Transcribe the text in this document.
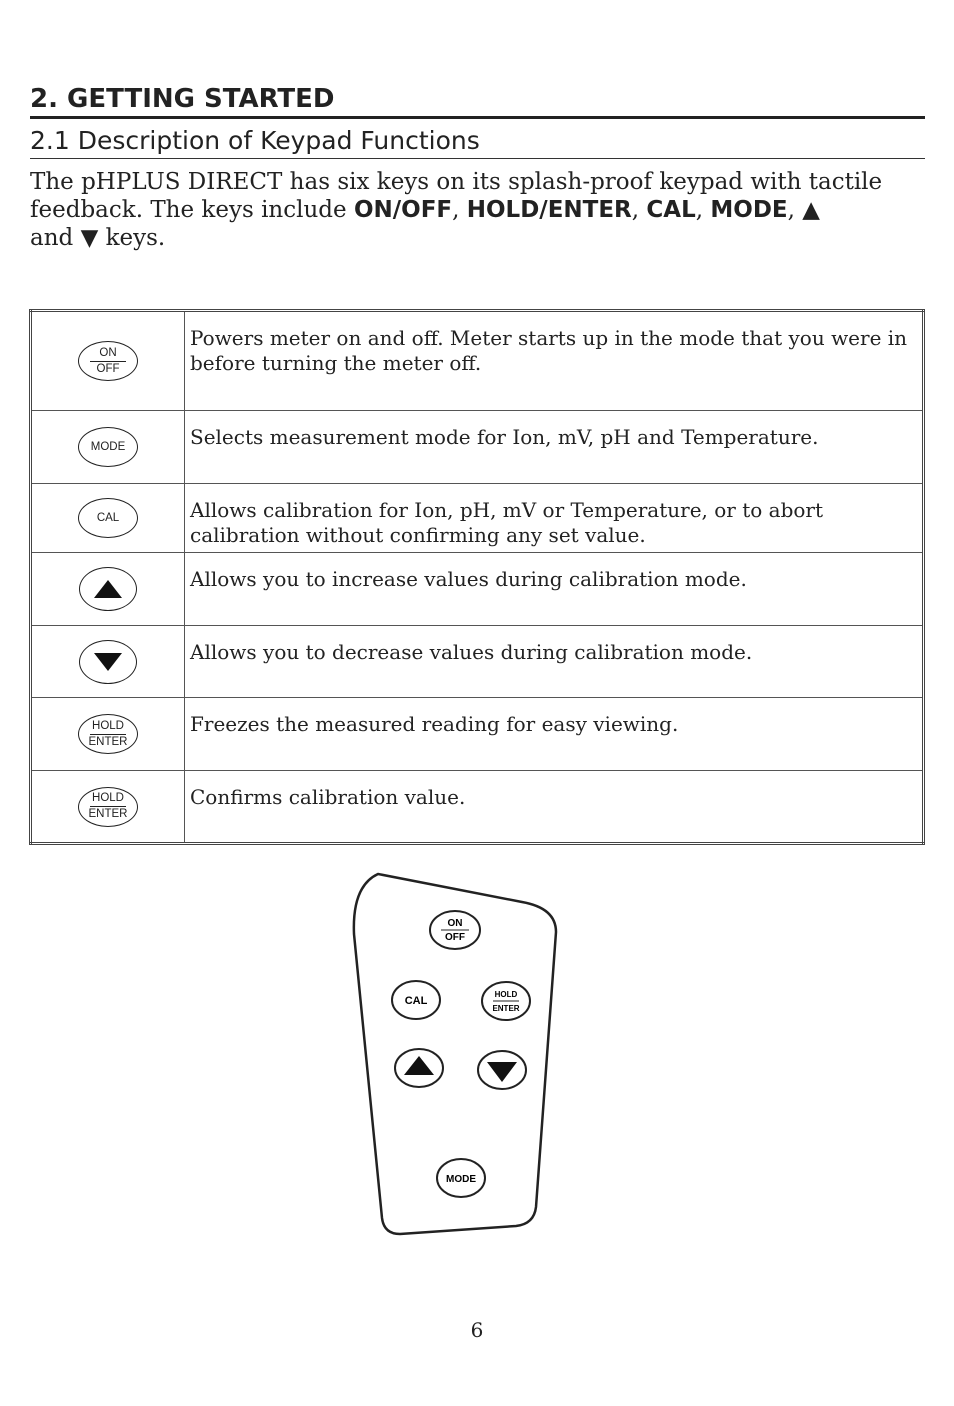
2. GETTING STARTED
2.1 Description of Keypad Functions
The pHPLUS DIRECT has six keys on its splash-proof keypad with tactile feedback. The keys include ON/OFF, HOLD/ENTER, CAL, MODE, ▲
and ▼ keys.
ON
OFF	Powers meter on and off. Meter starts up in the mode that you were in before turning the meter off.
MODE	Selects measurement mode for Ion, mV, pH and Temperature.
CAL	Allows calibration for Ion, pH, mV or Temperature, or to abort calibration without confirming any set value.

	Allows you to increase values during calibration mode.

	Allows you to decrease values during calibration mode.

HOLD
ENTER	Freezes the measured reading for easy viewing.

HOLD
ENTER	Confirms calibration value.
ON
OFF
CAL
HOLD
ENTER
MODE
6
